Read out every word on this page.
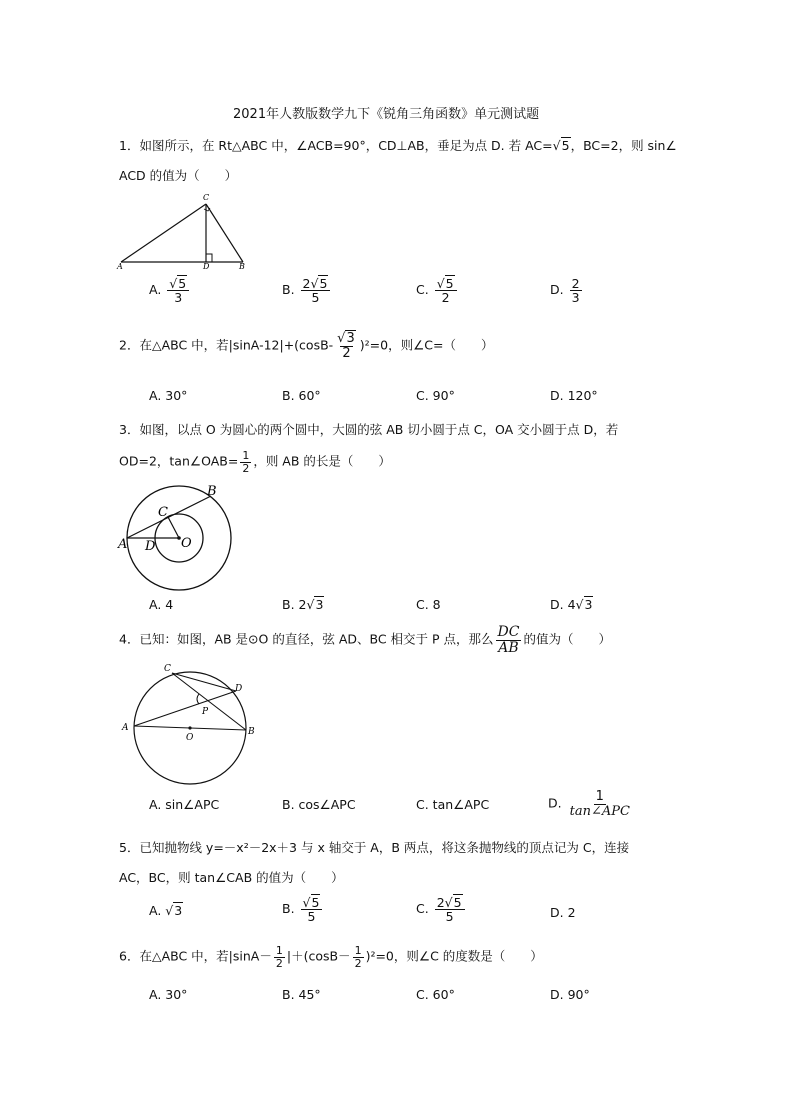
2021年人教版数学九下《锐角三角函数》单元测试题
1．如图所示，在 Rt△ABC 中，∠ACB=90°，CD⊥AB，垂足为点 D. 若 AC=√5，BC=2，则 sin∠
ACD 的值为（　　）
A
C
D	B
A. $\frac{√5}{3}$	B. $\frac{2√5}{5}$	C. $\frac{√5}{2}$	D. $\frac{2}{3}$
2．在△ABC 中，若$|\sin A-12|+(\cos B- \frac{√3}{2} )^2=0$，则∠C=（　　）
A. 30°	B. 60°	C. 90°	D. 120°
3．如图，以点 O 为圆心的两个圆中，大圆的弦 AB 切小圆于点 C，OA 交小圆于点 D，若
OD=2，tan∠OAB= $\frac{1}{2}$ ，则 AB 的长是（　　）
A
B
C
D O
A. 4	B. 2√3	C. 8	D. 4√3
4．已知：如图，AB 是⊙O 的直径，弦 AD、BC 相交于 P 点，那么 $\frac{DC}{AB}$ 的值为（　　）
A	B
C
D
O
P
A. sin∠APC	B. cos∠APC	C. tan∠APC	D. $\frac{1}{\text{tan∠APC}}$
5．已知抛物线 y=－x²－2x＋3 与 x 轴交于 A，B 两点，将这条抛物线的顶点记为 C，连接
AC，BC，则 tan∠CAB 的值为（　　）
A. √3	B. $\frac{√5}{5}$	C. $\frac{2√5}{5}$	D. 2
6．在△ABC 中，若$|\sin A- \frac{1}{2} |+(\cos B- \frac{1}{2} )^2=0$，则∠C 的度数是（　　）
A. 30°	B. 45°	C. 60°	D. 90°
